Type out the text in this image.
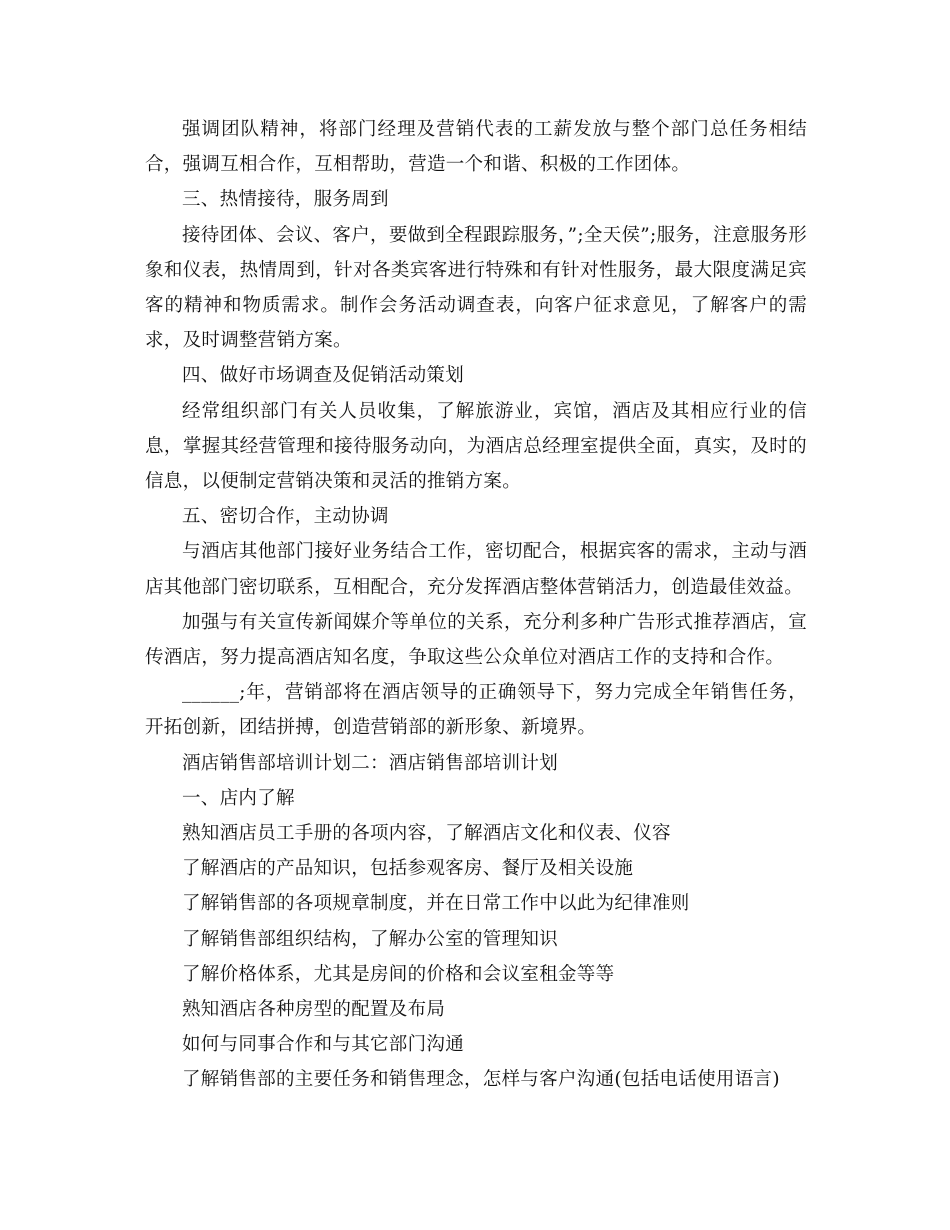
强调团队精神，将部门经理及营销代表的工薪发放与整个部门总任务相结合，强调互相合作，互相帮助，营造一个和谐、积极的工作团体。

三、热情接待，服务周到

接待团体、会议、客户，要做到全程跟踪服务，”;全天侯”;服务，注意服务形象和仪表，热情周到，针对各类宾客进行特殊和有针对性服务，最大限度满足宾客的精神和物质需求。制作会务活动调查表，向客户征求意见，了解客户的需求，及时调整营销方案。

四、做好市场调查及促销活动策划

经常组织部门有关人员收集，了解旅游业，宾馆，酒店及其相应行业的信息，掌握其经营管理和接待服务动向，为酒店总经理室提供全面，真实，及时的信息，以便制定营销决策和灵活的推销方案。

五、密切合作，主动协调

与酒店其他部门接好业务结合工作，密切配合，根据宾客的需求，主动与酒店其他部门密切联系，互相配合，充分发挥酒店整体营销活力，创造最佳效益。

加强与有关宣传新闻媒介等单位的关系，充分利多种广告形式推荐酒店，宣传酒店，努力提高酒店知名度，争取这些公众单位对酒店工作的支持和合作。

______;年，营销部将在酒店领导的正确领导下，努力完成全年销售任务，开拓创新，团结拼搏，创造营销部的新形象、新境界。

酒店销售部培训计划二：酒店销售部培训计划

一、店内了解

熟知酒店员工手册的各项内容，了解酒店文化和仪表、仪容

了解酒店的产品知识，包括参观客房、餐厅及相关设施

了解销售部的各项规章制度，并在日常工作中以此为纪律准则

了解销售部组织结构，了解办公室的管理知识

了解价格体系，尤其是房间的价格和会议室租金等等

熟知酒店各种房型的配置及布局

如何与同事合作和与其它部门沟通

了解销售部的主要任务和销售理念，怎样与客户沟通(包括电话使用语言)
